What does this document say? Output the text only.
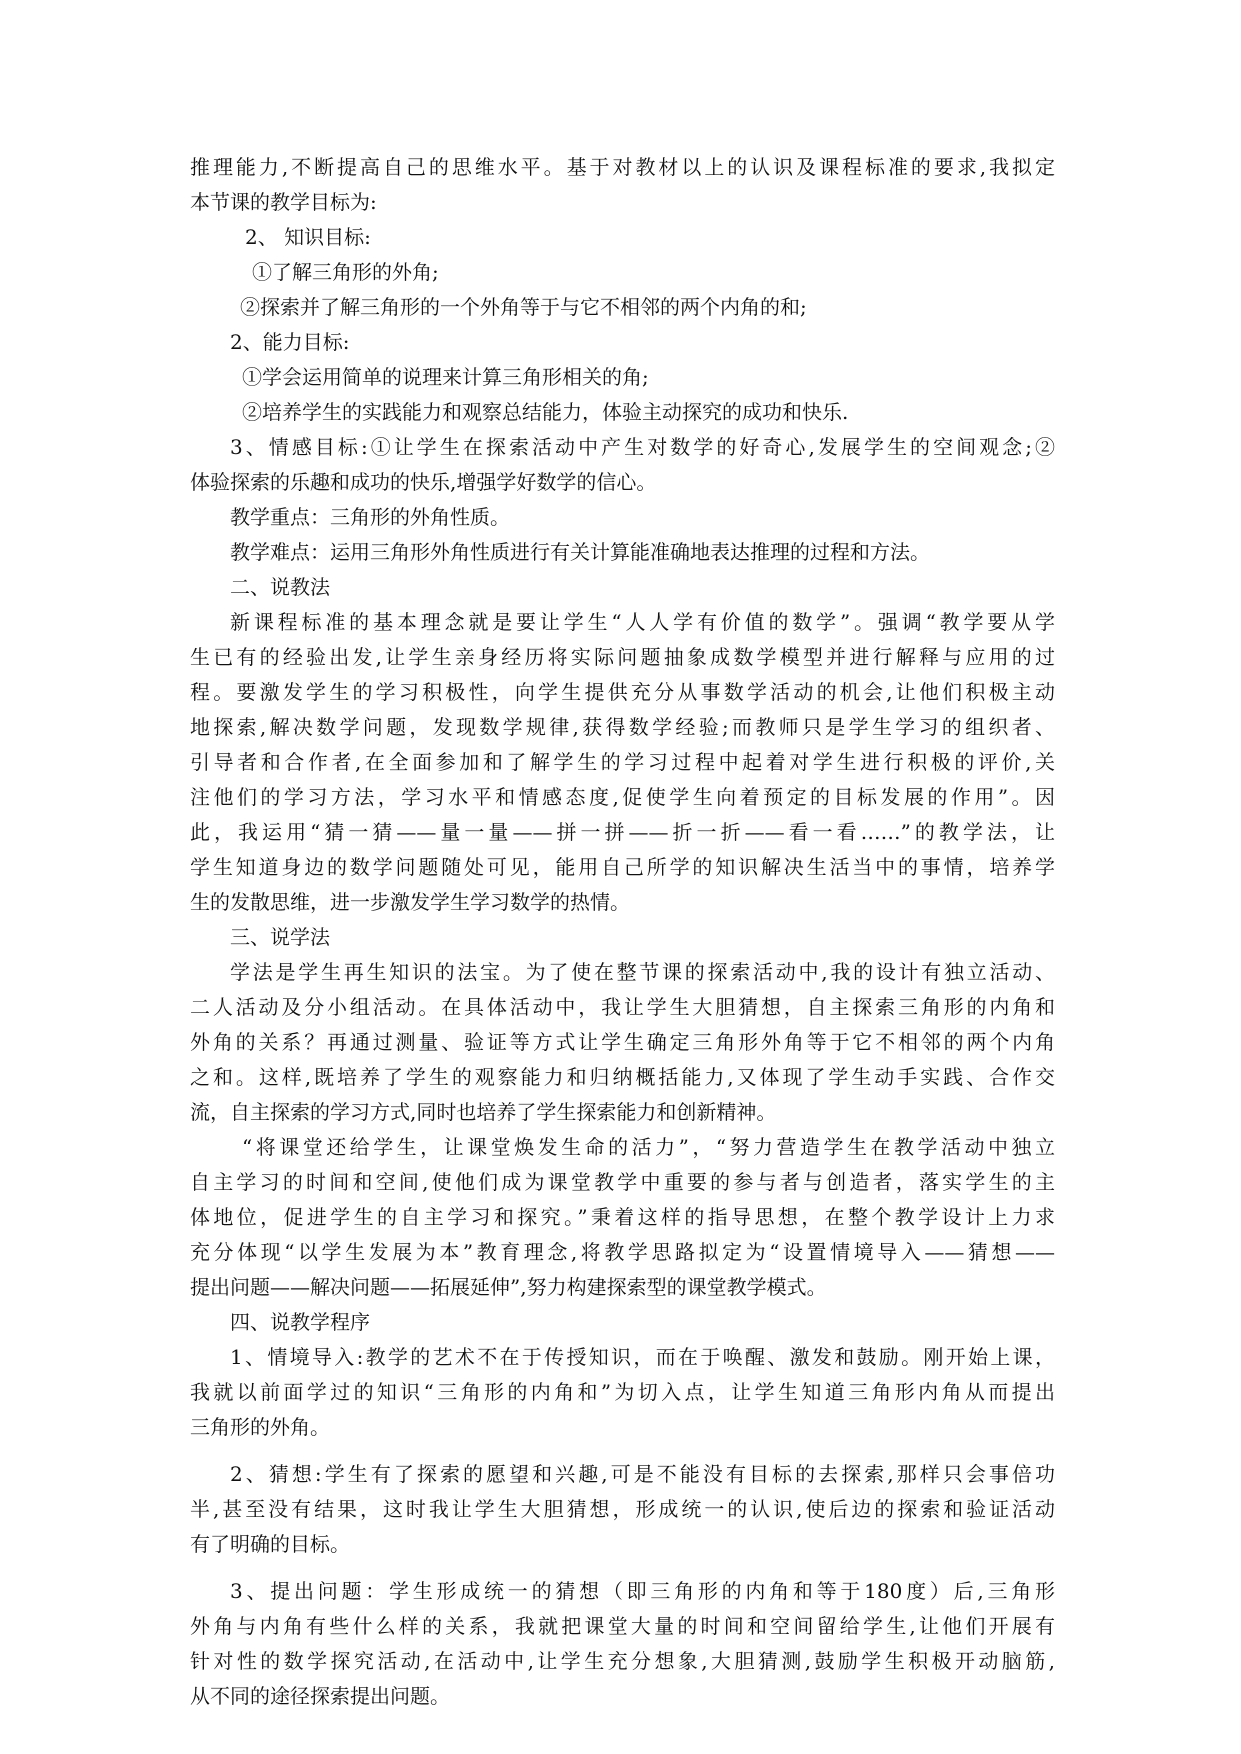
推理能力,不断提高自己的思维水平。基于对教材以上的认识及课程标准的要求,我拟定
本节课的教学目标为:
2、 知识目标:
①了解三角形的外角;
②探索并了解三角形的一个外角等于与它不相邻的两个内角的和;
2、能力目标:
①学会运用简单的说理来计算三角形相关的角;
②培养学生的实践能力和观察总结能力，体验主动探究的成功和快乐.
3、情感目标:①让学生在探索活动中产生对数学的好奇心,发展学生的空间观念;②
体验探索的乐趣和成功的快乐,增强学好数学的信心。
教学重点：三角形的外角性质。
教学难点：运用三角形外角性质进行有关计算能准确地表达推理的过程和方法。
二、说教法
新课程标准的基本理念就是要让学生“人人学有价值的数学”。强调“教学要从学
生已有的经验出发,让学生亲身经历将实际问题抽象成数学模型并进行解释与应用的过
程。要激发学生的学习积极性，向学生提供充分从事数学活动的机会,让他们积极主动
地探索,解决数学问题，发现数学规律,获得数学经验;而教师只是学生学习的组织者、
引导者和合作者,在全面参加和了解学生的学习过程中起着对学生进行积极的评价,关
注他们的学习方法，学习水平和情感态度,促使学生向着预定的目标发展的作用”。因
此，我运用“猜一猜——量一量——拼一拼——折一折——看一看……”的教学法，让
学生知道身边的数学问题随处可见，能用自己所学的知识解决生活当中的事情，培养学
生的发散思维，进一步激发学生学习数学的热情。
三、说学法
学法是学生再生知识的法宝。为了使在整节课的探索活动中,我的设计有独立活动、
二人活动及分小组活动。在具体活动中，我让学生大胆猜想，自主探索三角形的内角和
外角的关系？再通过测量、验证等方式让学生确定三角形外角等于它不相邻的两个内角
之和。这样,既培养了学生的观察能力和归纳概括能力,又体现了学生动手实践、合作交
流，自主探索的学习方式,同时也培养了学生探索能力和创新精神。
“将课堂还给学生，让课堂焕发生命的活力”，“努力营造学生在教学活动中独立
自主学习的时间和空间,使他们成为课堂教学中重要的参与者与创造者，落实学生的主
体地位，促进学生的自主学习和探究。”秉着这样的指导思想，在整个教学设计上力求
充分体现“以学生发展为本”教育理念,将教学思路拟定为“设置情境导入——猜想——
提出问题——解决问题——拓展延伸”,努力构建探索型的课堂教学模式。
四、说教学程序
1、情境导入:教学的艺术不在于传授知识，而在于唤醒、激发和鼓励。刚开始上课，
我就以前面学过的知识“三角形的内角和”为切入点，让学生知道三角形内角从而提出
三角形的外角。
2、猜想:学生有了探索的愿望和兴趣,可是不能没有目标的去探索,那样只会事倍功
半,甚至没有结果，这时我让学生大胆猜想，形成统一的认识,使后边的探索和验证活动
有了明确的目标。
3、提出问题：学生形成统一的猜想（即三角形的内角和等于180度）后,三角形
外角与内角有些什么样的关系，我就把课堂大量的时间和空间留给学生,让他们开展有
针对性的数学探究活动,在活动中,让学生充分想象,大胆猜测,鼓励学生积极开动脑筋,
从不同的途径探索提出问题。
